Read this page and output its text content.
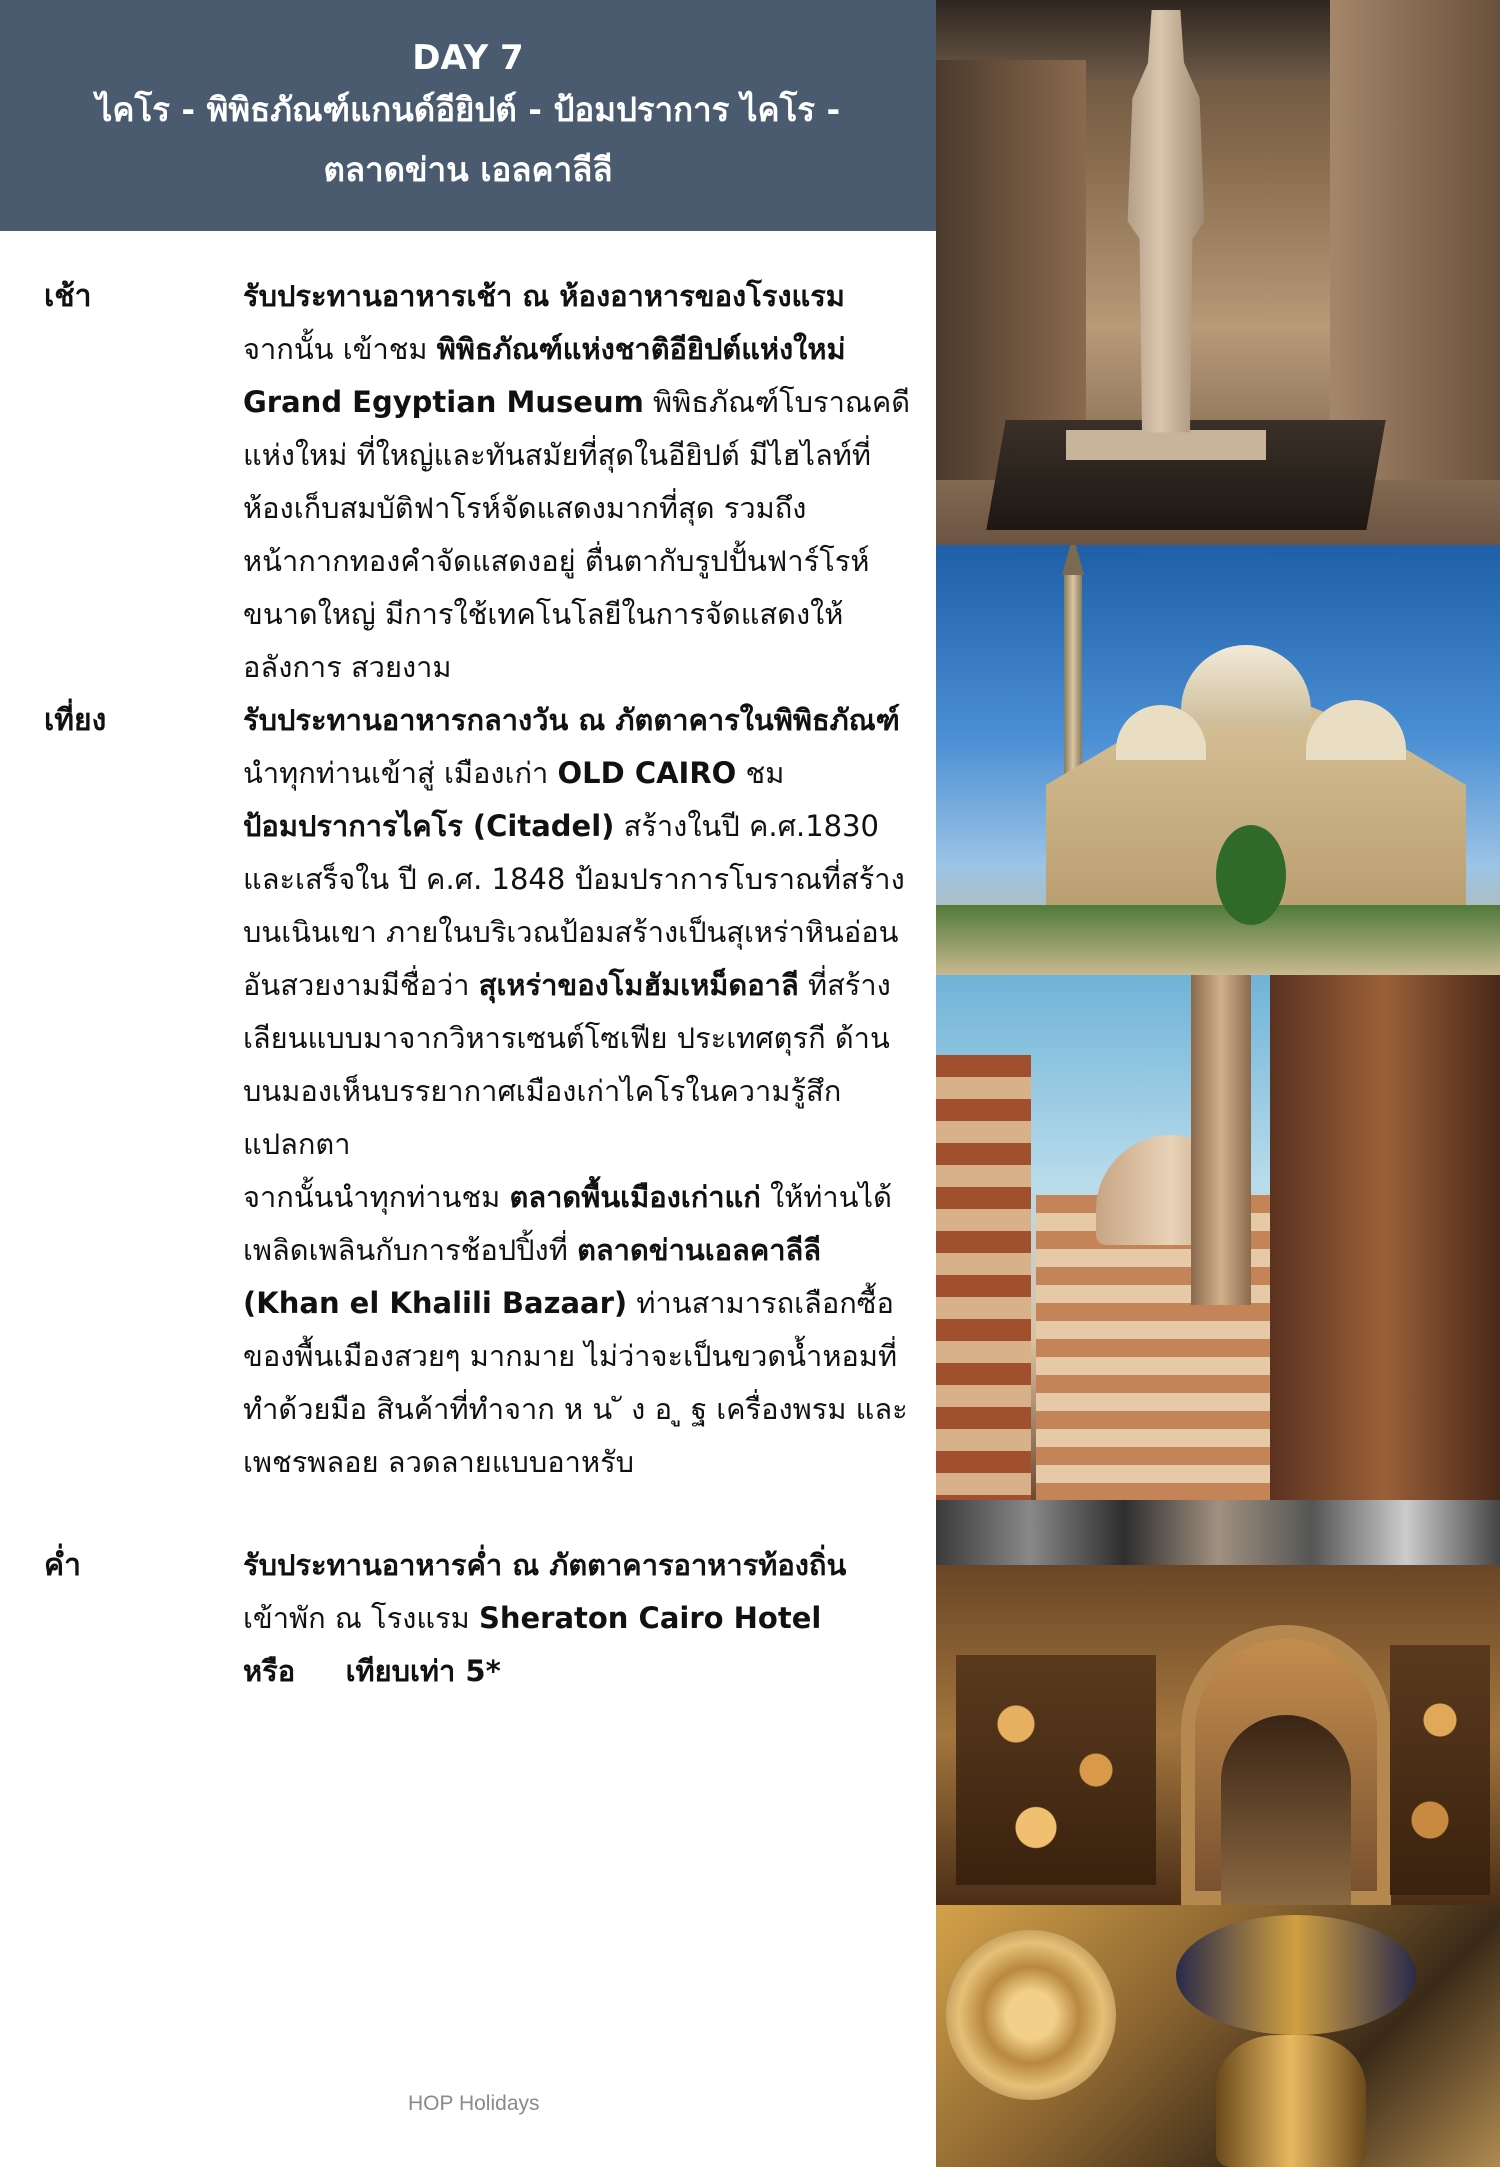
DAY 7
ไคโร - พิพิธภัณฑ์แกนด์อียิปต์ - ป้อมปราการ ไคโร -
ตลาดข่าน เอลคาลีลี
เช้า	รับประทานอาหารเช้า ณ ห้องอาหารของโรงแรม

จากนั้น เข้าชม พิพิธภัณฑ์แห่งชาติอียิปต์แห่งใหม่

Grand Egyptian Museum พิพิธภัณฑ์โบราณคดีแห่งใหม่ ที่ใหญ่และทันสมัยที่สุดในอียิปต์ มีไฮไลท์ที่ห้องเก็บสมบัติฟาโรห์จัดแสดงมากที่สุด รวมถึงหน้ากากทองคำจัดแสดงอยู่ ตื่นตากับรูปปั้นฟาร์โรห์ขนาดใหญ่ มีการใช้เทคโนโลยีในการจัดแสดงให้อลังการ สวยงาม

เที่ยง	รับประทานอาหารกลางวัน ณ ภัตตาคารในพิพิธภัณฑ์

นำทุกท่านเข้าสู่ เมืองเก่า OLD CAIRO ชม

ป้อมปราการไคโร (Citadel) สร้างในปี ค.ศ.1830 และเสร็จใน ปี ค.ศ. 1848 ป้อมปราการโบราณที่สร้างบนเนินเขา ภายในบริเวณป้อมสร้างเป็นสุเหร่าหินอ่อนอันสวยงามมีชื่อว่า สุเหร่าของโมฮัมเหม็ดอาลี ที่สร้างเลียนแบบมาจากวิหารเซนต์โซเฟีย ประเทศตุรกี ด้านบนมองเห็นบรรยากาศเมืองเก่าไคโรในความรู้สึกแปลกตา

จากนั้นนำทุกท่านชม ตลาดพื้นเมืองเก่าแก่ ให้ท่านได้เพลิดเพลินกับการช้อปปิ้งที่ ตลาดข่านเอลคาลีลี (Khan el Khalili Bazaar) ท่านสามารถเลือกซื้อของพื้นเมืองสวยๆ มากมาย ไม่ว่าจะเป็นขวดน้ำหอมที่ทำด้วยมือ สินค้าที่ทำจาก ห น ั ง อ ู ฐ เครื่องพรม และเพชรพลอย ลวดลายแบบอาหรับ

ค่ำ	รับประทานอาหารค่ำ ณ ภัตตาคารอาหารท้องถิ่น

เข้าพัก ณ โรงแรม Sheraton Cairo Hotel

หรือ     เทียบเท่า 5*

HOP Holidays
